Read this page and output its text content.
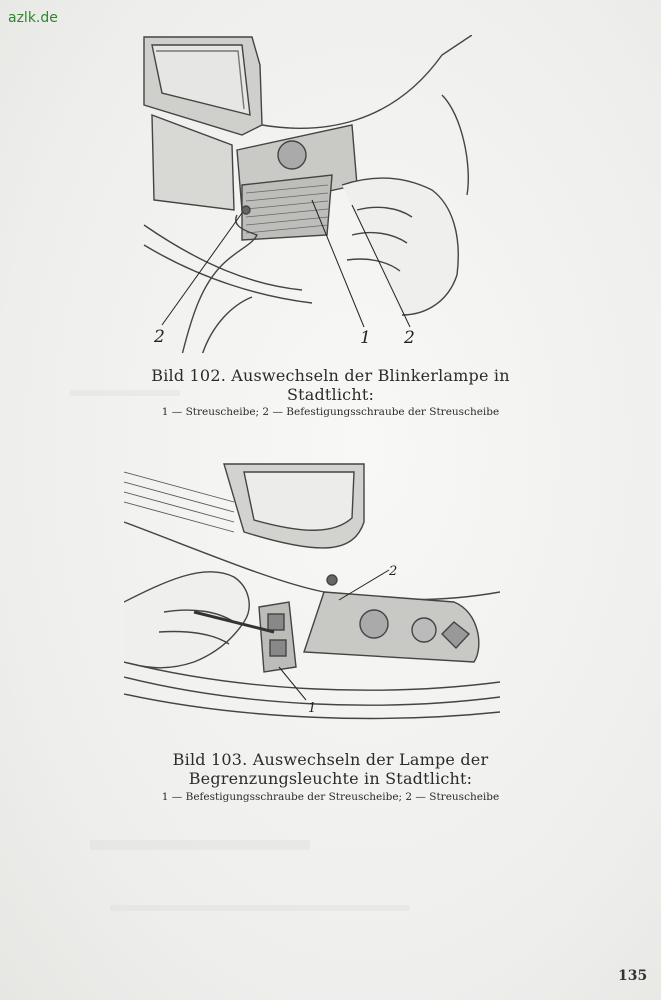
azlk.de
2	1 2
Bild 102. Auswechseln der Blinkerlampe in Stadtlicht:
1 — Streuscheibe; 2 — Befestigungsschraube der Streuscheibe
2
1
Bild 103. Auswechseln der Lampe der Begrenzungsleuchte in Stadtlicht:
1 — Befestigungsschraube der Streuscheibe; 2 — Streuscheibe
135
